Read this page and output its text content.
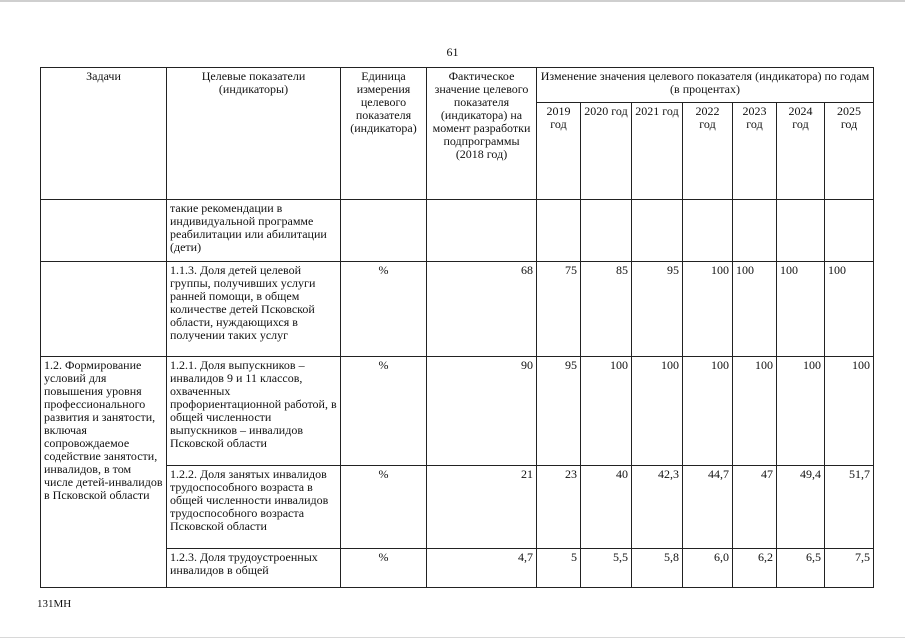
61
Задачи	Целевые показатели (индикаторы)	Единица измерения целевого показателя (индикатора)	Фактическое значение целевого показателя (индикатора) на момент разработки подпрограммы (2018 год)	Изменение значения целевого показателя (индикатора) по годам (в процентах)						
				2019 год	2020 год	2021 год	2022 год	2023 год	2024 год	2025 год
	такие рекомендации в индивидуальной программе реабилитации или абилитации (дети)									
	1.1.3. Доля детей целевой группы, получивших услуги ранней помощи, в общем количестве детей Псковской области, нуждающихся в получении таких услуг	%	68	75	85	95	100	100	100	100
1.2. Формирование условий для повышения уровня профессионального развития и занятости, включая сопровождаемое содействие занятости, инвалидов, в том числе детей-инвалидов в Псковской области	1.2.1. Доля выпускников – инвалидов 9 и 11 классов, охваченных профориентационной работой, в общей численности выпускников – инвалидов Псковской области	%	90	95	100	100	100	100	100	100
	1.2.2. Доля занятых инвалидов трудоспособного возраста в общей численности инвалидов трудоспособного возраста Псковской области	%	21	23	40	42,3	44,7	47	49,4	51,7
	1.2.3. Доля трудоустроенных инвалидов в общей	%	4,7	5	5,5	5,8	6,0	6,2	6,5	7,5
131МН
